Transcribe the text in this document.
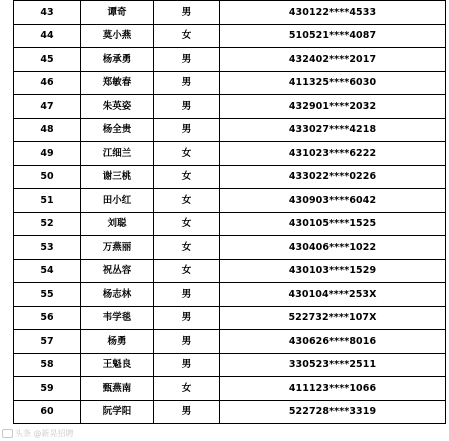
43	谭奇	男	430122****4533
44	莫小燕	女	510521****4087
45	杨承勇	男	432402****2017
46	郑敏春	男	411325****6030
47	朱英姿	男	432901****2032
48	杨全贵	男	433027****4218
49	江细兰	女	431023****6222
50	谢三桃	女	433022****0226
51	田小红	女	430903****6042
52	刘聪	女	430105****1525
53	万燕丽	女	430406****1022
54	祝丛容	女	430103****1529
55	杨志林	男	430104****253X
56	韦学毯	男	522732****107X
57	杨勇	男	430626****8016
58	王魁良	男	330523****2511
59	甄燕南	女	411123****1066
60	阮学阳	男	522728****3319
头条 @新晃招聘
